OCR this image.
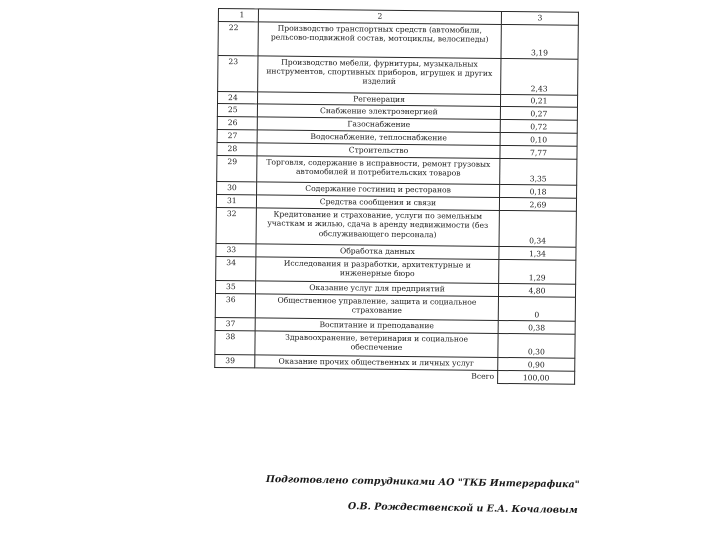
1	2	3
22	Производство транспортных средств (автомобили, рельсово-подвижной состав, мотоциклы, велосипеды)	3,19
23	Производство мебели, фурнитуры, музыкальных инструментов, спортивных приборов, игрушек и других изделий	2,43
24	Регенерация	0,21
25	Снабжение электроэнергией	0,27
26	Газоснабжение	0,72
27	Водоснабжение, теплоснабжение	0,10
28	Строительство	7,77
29	Торговля, содержание в исправности, ремонт грузовых автомобилей и потребительских товаров	3,35
30	Содержание гостиниц и ресторанов	0,18
31	Средства сообщения и связи	2,69
32	Кредитование и страхование, услуги по земельным участкам и жилью, сдача в аренду недвижимости (без обслуживающего персонала)	0,34
33	Обработка данных	1,34
34	Исследования и разработки, архитектурные и инженерные бюро	1,29
35	Оказание услуг для предприятий	4,80
36	Общественное управление, защита и социальное страхование	0
37	Воспитание и преподавание	0,38
38	Здравоохранение, ветеринария и социальное обеспечение	0,30
39	Оказание прочих общественных и личных услуг	0,90
	Всего	100,00
Подготовлено сотрудниками АО "ТКБ Интерграфика"
О.В. Рождественской и Е.А. Кочаловым
